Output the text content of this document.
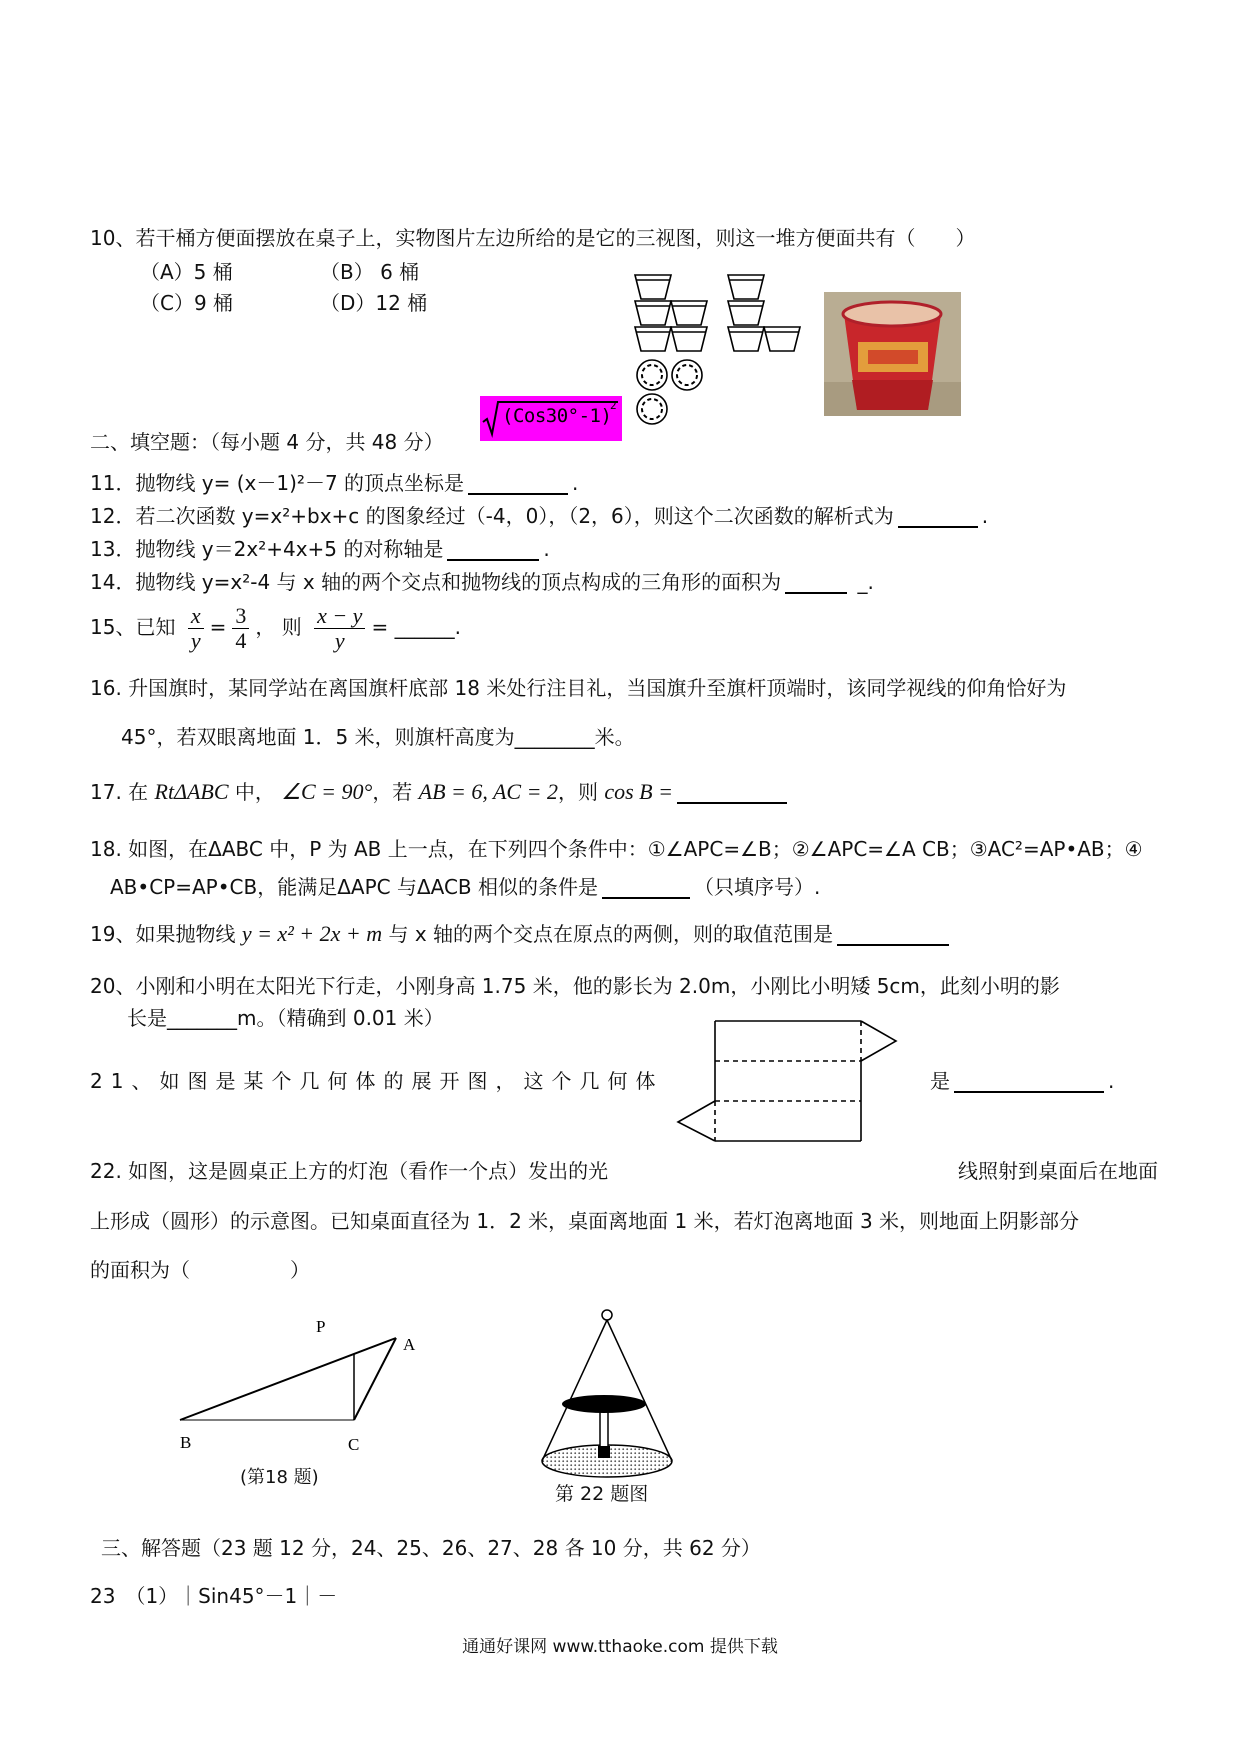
10、若干桶方便面摆放在桌子上，实物图片左边所给的是它的三视图，则这一堆方便面共有（　　）
（A）5 桶	（B） 6 桶
（C）9 桶	（D）12 桶
(Cos30°-1)
2
二、填空题：（每小题 4 分，共 48 分）
11．抛物线 y= (x－1)²－7 的顶点坐标是	.
12．若二次函数 y=x²+bx+c 的图象经过（-4，0），（2，6），则这个二次函数的解析式为	.
13．抛物线 y＝2x²+4x+5 的对称轴是	.
14．抛物线 y=x²-4 与 x 轴的两个交点和抛物线的顶点构成的三角形的面积为	_.
15、已知 $\frac{x}{y} = \frac{3}{4}$ ， 则 $\frac{x - y}{y}$ = ______.
16. 升国旗时，某同学站在离国旗杆底部 18 米处行注目礼，当国旗升至旗杆顶端时，该同学视线的仰角恰好为
45°，若双眼离地面 1．5 米，则旗杆高度为________米。
17. 在 RtΔABC 中， ∠C = 90°，若 AB = 6, AC = 2，则 cos B =
18. 如图，在ΔABC 中，P 为 AB 上一点，在下列四个条件中：①∠APC=∠B；②∠APC=∠A CB；③AC²=AP•AB；④
AB•CP=AP•CB，能满足ΔAPC 与ΔACB 相似的条件是	（只填序号）.
19、如果抛物线 y = x² + 2x + m 与 x 轴的两个交点在原点的两侧，则的取值范围是
20、小刚和小明在太阳光下行走，小刚身高 1.75 米，他的影长为 2.0m，小刚比小明矮 5cm，此刻小明的影
长是_______m。（精确到 0.01 米）
21、如图是某个几何体的展开图，这个几何体	是	.
22. 如图，这是圆桌正上方的灯泡（看作一个点）发出的光	线照射到桌面后在地面
上形成（圆形）的示意图。已知桌面直径为 1．2 米，桌面离地面 1 米，若灯泡离地面 3 米，则地面上阴影部分
的面积为（　　　　　）
P
A
B	C
(第18 题)
第 22 题图
三、解答题（23 题 12 分，24、25、26、27、28 各 10 分，共 62 分）
23　（1）｜Sin45°－1｜－
通通好课网 www.tthaoke.com 提供下载
